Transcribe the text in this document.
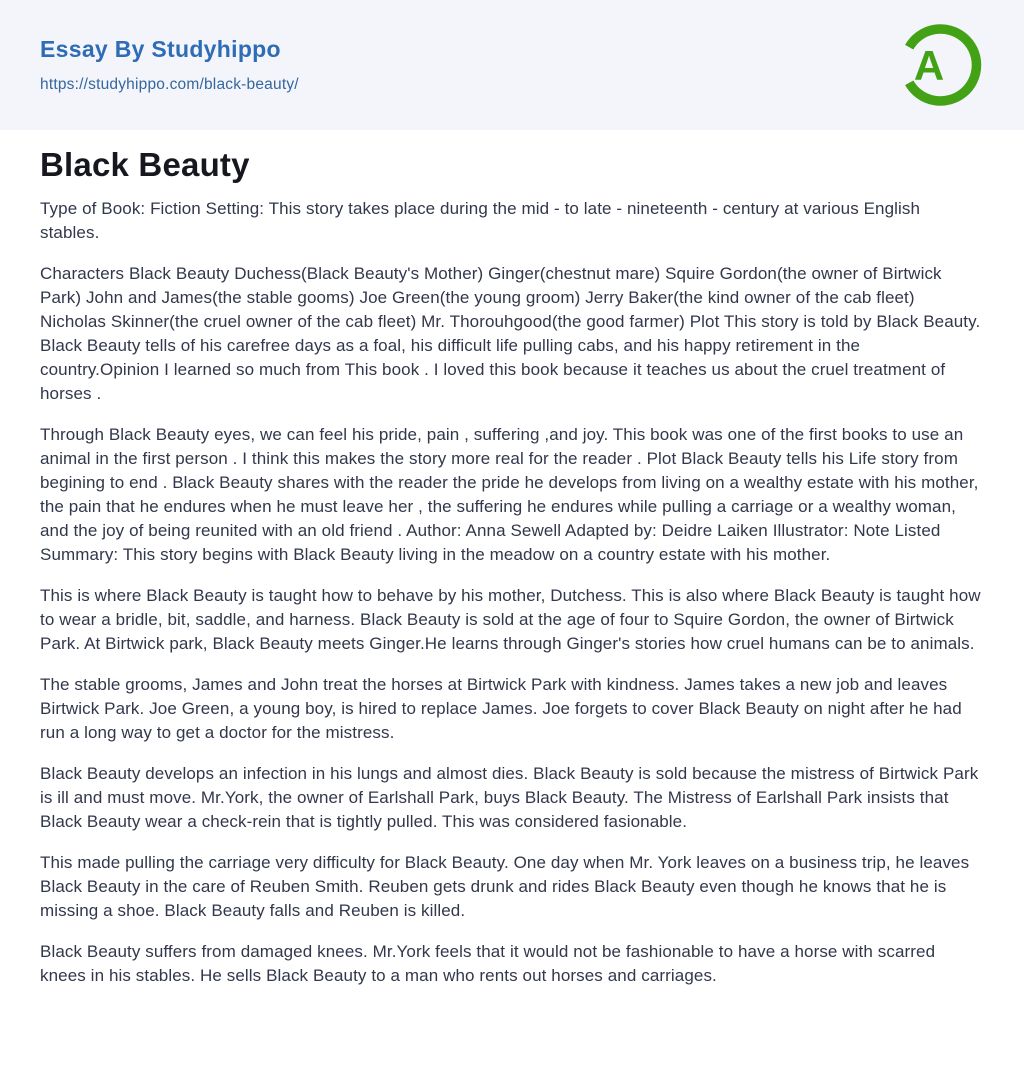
Essay By Studyhippo
https://studyhippo.com/black-beauty/	A
Black Beauty

Type of Book: Fiction Setting: This story takes place during the mid - to late - nineteenth - century at various English stables.

Characters Black Beauty Duchess(Black Beauty's Mother) Ginger(chestnut mare) Squire Gordon(the owner of Birtwick Park) John and James(the stable gooms) Joe Green(the young groom) Jerry Baker(the kind owner of the cab fleet) Nicholas Skinner(the cruel owner of the cab fleet) Mr. Thorouhgood(the good farmer) Plot This story is told by Black Beauty. Black Beauty tells of his carefree days as a foal, his difficult life pulling cabs, and his happy retirement in the country.Opinion I learned so much from This book . I loved this book because it teaches us about the cruel treatment of horses .

Through Black Beauty eyes, we can feel his pride, pain , suffering ,and joy. This book was one of the first books to use an animal in the first person . I think this makes the story more real for the reader . Plot Black Beauty tells his Life story from begining to end . Black Beauty shares with the reader the pride he develops from living on a wealthy estate with his mother, the pain that he endures when he must leave her , the suffering he endures while pulling a carriage or a wealthy woman, and the joy of being reunited with an old friend . Author: Anna Sewell Adapted by: Deidre Laiken Illustrator: Note Listed Summary: This story begins with Black Beauty living in the meadow on a country estate with his mother.

This is where Black Beauty is taught how to behave by his mother, Dutchess. This is also where Black Beauty is taught how to wear a bridle, bit, saddle, and harness. Black Beauty is sold at the age of four to Squire Gordon, the owner of Birtwick Park. At Birtwick park, Black Beauty meets Ginger.He learns through Ginger's stories how cruel humans can be to animals.

The stable grooms, James and John treat the horses at Birtwick Park with kindness. James takes a new job and leaves Birtwick Park. Joe Green, a young boy, is hired to replace James. Joe forgets to cover Black Beauty on night after he had run a long way to get a doctor for the mistress.

Black Beauty develops an infection in his lungs and almost dies. Black Beauty is sold because the mistress of Birtwick Park is ill and must move. Mr.York, the owner of Earlshall Park, buys Black Beauty. The Mistress of Earlshall Park insists that Black Beauty wear a check-rein that is tightly pulled. This was considered fasionable.

This made pulling the carriage very difficulty for Black Beauty. One day when Mr. York leaves on a business trip, he leaves Black Beauty in the care of Reuben Smith. Reuben gets drunk and rides Black Beauty even though he knows that he is missing a shoe. Black Beauty falls and Reuben is killed.

Black Beauty suffers from damaged knees. Mr.York feels that it would not be fashionable to have a horse with scarred knees in his stables. He sells Black Beauty to a man who rents out horses and carriages.
